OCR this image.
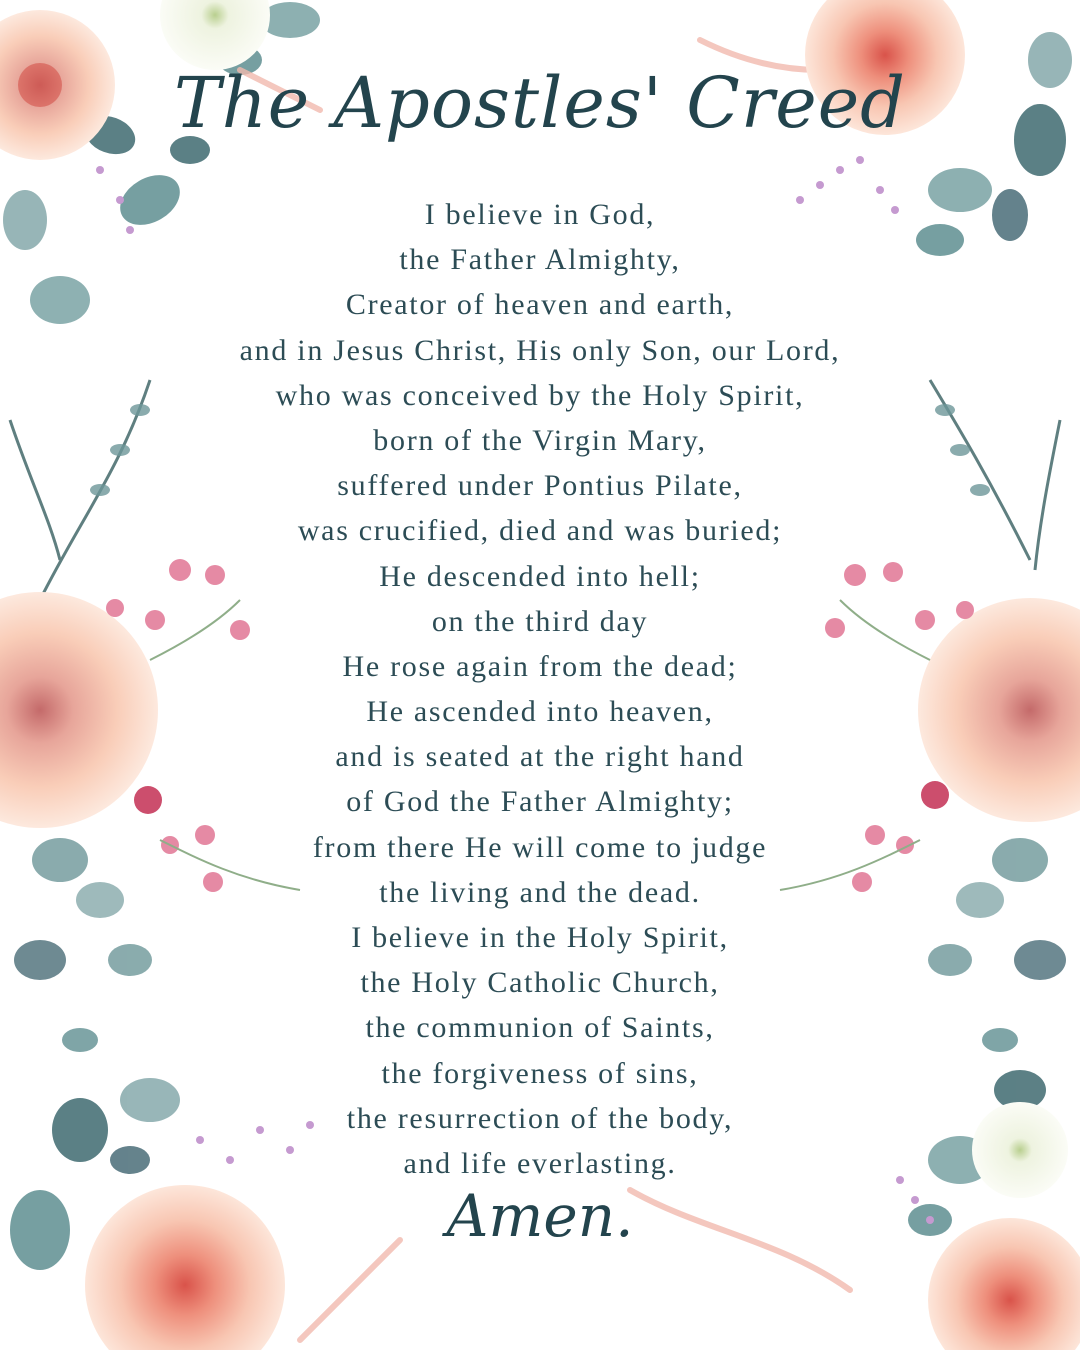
The Apostles' Creed
I believe in God,
the Father Almighty,
Creator of heaven and earth,
and in Jesus Christ, His only Son, our Lord,
who was conceived by the Holy Spirit,
born of the Virgin Mary,
suffered under Pontius Pilate,
was crucified, died and was buried;
He descended into hell;
on the third day
He rose again from the dead;
He ascended into heaven,
and is seated at the right hand
of God the Father Almighty;
from there He will come to judge
the living and the dead.
I believe in the Holy Spirit,
the Holy Catholic Church,
the communion of Saints,
the forgiveness of sins,
the resurrection of the body,
and life everlasting.
Amen.
